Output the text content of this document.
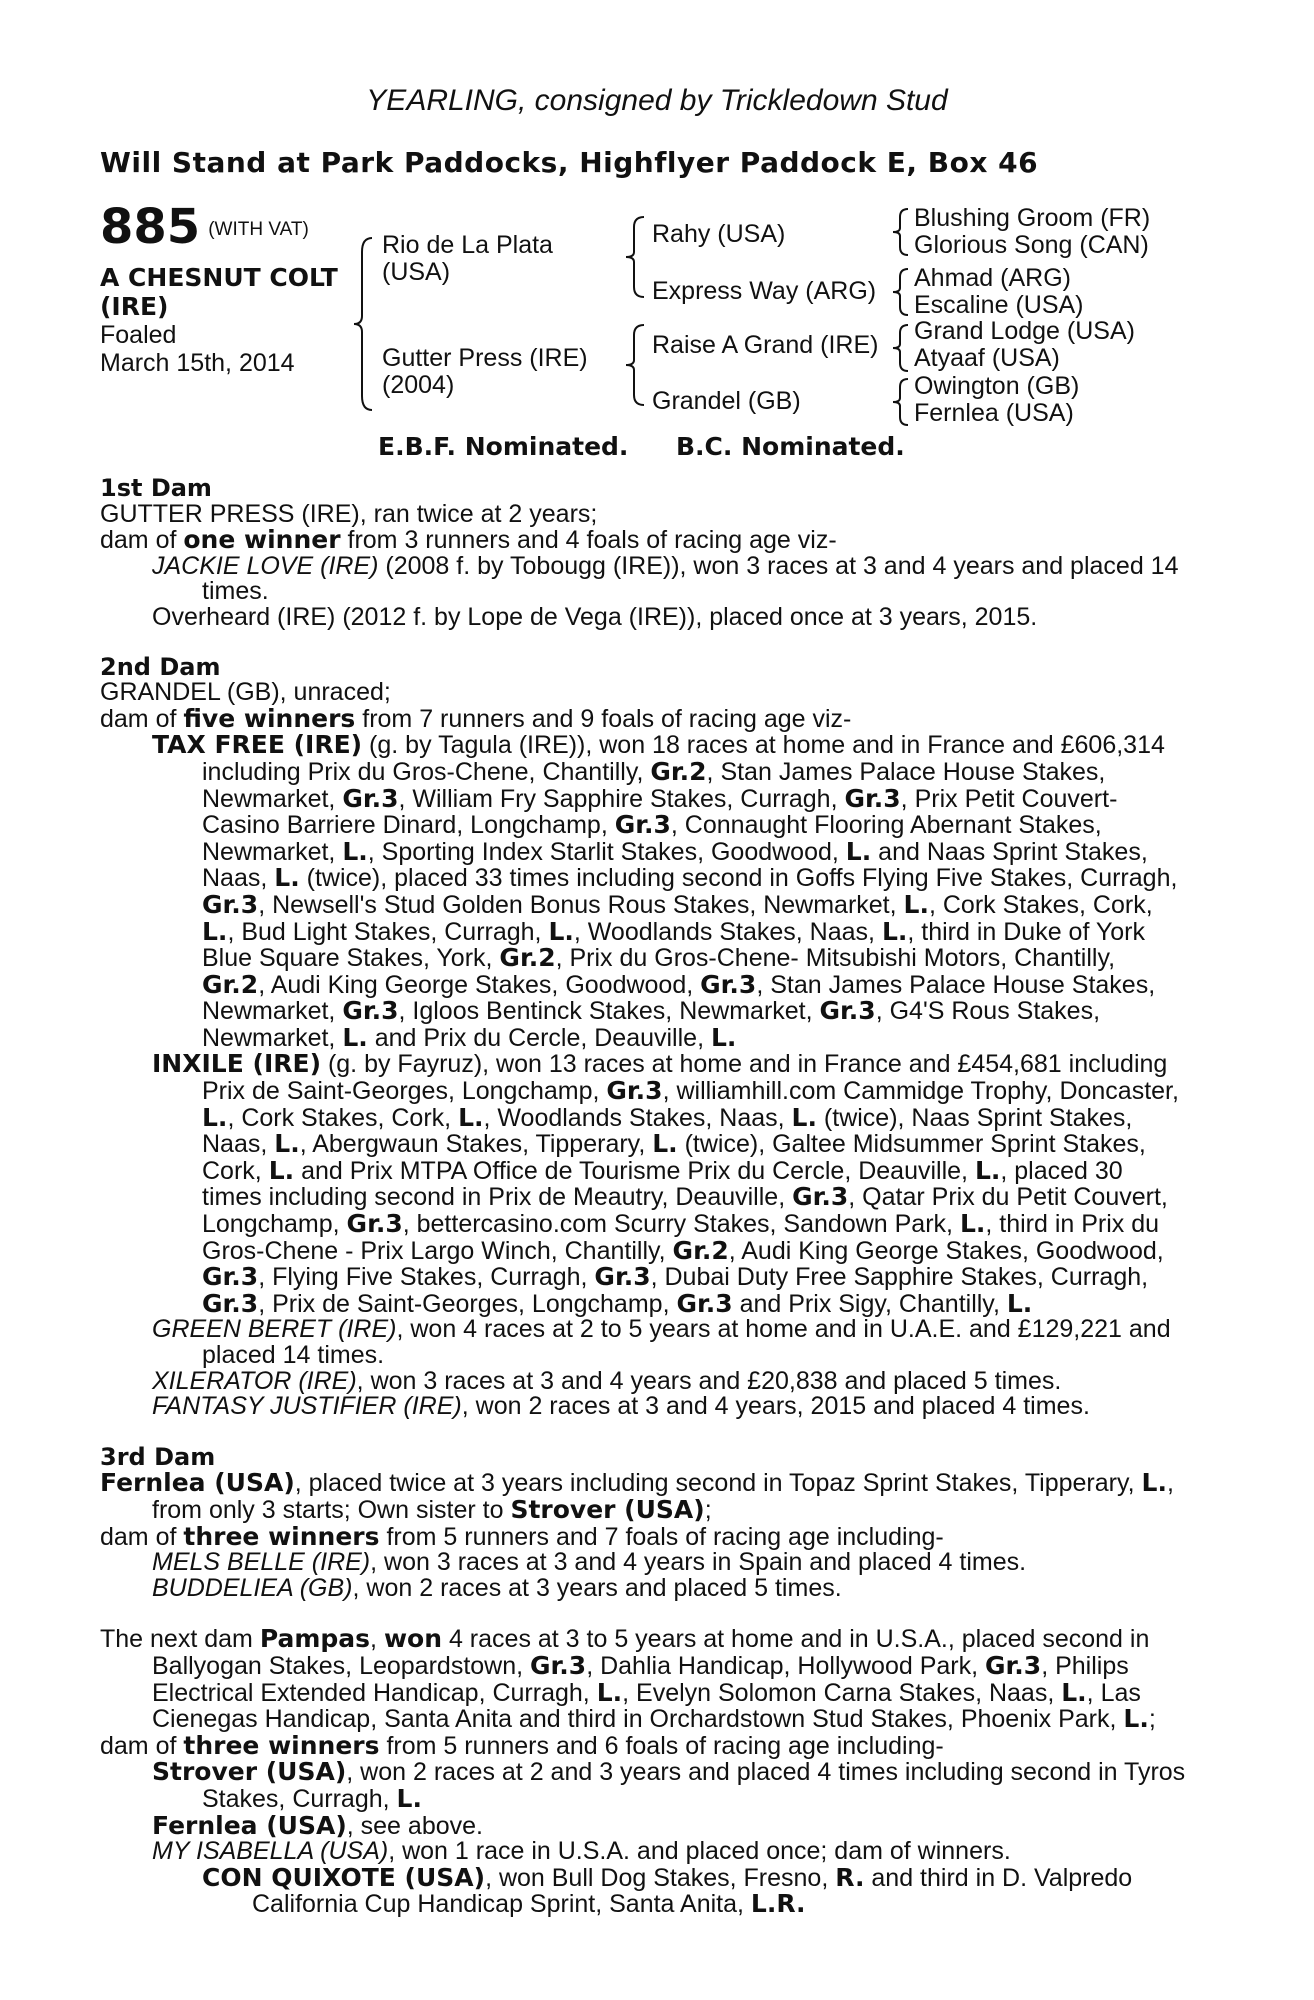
YEARLING, consigned by Trickledown Stud
Will Stand at Park Paddocks, Highflyer Paddock E, Box 46
885 (WITH VAT)
A CHESNUT COLT
(IRE)
Foaled
March 15th, 2014
Rio de La Plata
(USA)
Gutter Press (IRE)
(2004)
Rahy (USA)
Express Way (ARG)
Raise A Grand (IRE)
Grandel (GB)
Blushing Groom (FR)
Glorious Song (CAN)
Ahmad (ARG)
Escaline (USA)
Grand Lodge (USA)
Atyaaf (USA)
Owington (GB)
Fernlea (USA)
E.B.F. Nominated. B.C. Nominated.
1st Dam
GUTTER PRESS (IRE), ran twice at 2 years;
dam of one winner from 3 runners and 4 foals of racing age viz-
JACKIE LOVE (IRE) (2008 f. by Tobougg (IRE)), won 3 races at 3 and 4 years and placed 14
times.
Overheard (IRE) (2012 f. by Lope de Vega (IRE)), placed once at 3 years, 2015.
2nd Dam
GRANDEL (GB), unraced;
dam of five winners from 7 runners and 9 foals of racing age viz-
TAX FREE (IRE) (g. by Tagula (IRE)), won 18 races at home and in France and £606,314
including Prix du Gros-Chene, Chantilly, Gr.2, Stan James Palace House Stakes,
Newmarket, Gr.3, William Fry Sapphire Stakes, Curragh, Gr.3, Prix Petit Couvert-
Casino Barriere Dinard, Longchamp, Gr.3, Connaught Flooring Abernant Stakes,
Newmarket, L., Sporting Index Starlit Stakes, Goodwood, L. and Naas Sprint Stakes,
Naas, L. (twice), placed 33 times including second in Goffs Flying Five Stakes, Curragh,
Gr.3, Newsell's Stud Golden Bonus Rous Stakes, Newmarket, L., Cork Stakes, Cork,
L., Bud Light Stakes, Curragh, L., Woodlands Stakes, Naas, L., third in Duke of York
Blue Square Stakes, York, Gr.2, Prix du Gros-Chene- Mitsubishi Motors, Chantilly,
Gr.2, Audi King George Stakes, Goodwood, Gr.3, Stan James Palace House Stakes,
Newmarket, Gr.3, Igloos Bentinck Stakes, Newmarket, Gr.3, G4'S Rous Stakes,
Newmarket, L. and Prix du Cercle, Deauville, L.
INXILE (IRE) (g. by Fayruz), won 13 races at home and in France and £454,681 including
Prix de Saint-Georges, Longchamp, Gr.3, williamhill.com Cammidge Trophy, Doncaster,
L., Cork Stakes, Cork, L., Woodlands Stakes, Naas, L. (twice), Naas Sprint Stakes,
Naas, L., Abergwaun Stakes, Tipperary, L. (twice), Galtee Midsummer Sprint Stakes,
Cork, L. and Prix MTPA Office de Tourisme Prix du Cercle, Deauville, L., placed 30
times including second in Prix de Meautry, Deauville, Gr.3, Qatar Prix du Petit Couvert,
Longchamp, Gr.3, bettercasino.com Scurry Stakes, Sandown Park, L., third in Prix du
Gros-Chene - Prix Largo Winch, Chantilly, Gr.2, Audi King George Stakes, Goodwood,
Gr.3, Flying Five Stakes, Curragh, Gr.3, Dubai Duty Free Sapphire Stakes, Curragh,
Gr.3, Prix de Saint-Georges, Longchamp, Gr.3 and Prix Sigy, Chantilly, L.
GREEN BERET (IRE), won 4 races at 2 to 5 years at home and in U.A.E. and £129,221 and
placed 14 times.
XILERATOR (IRE), won 3 races at 3 and 4 years and £20,838 and placed 5 times.
FANTASY JUSTIFIER (IRE), won 2 races at 3 and 4 years, 2015 and placed 4 times.
3rd Dam
Fernlea (USA), placed twice at 3 years including second in Topaz Sprint Stakes, Tipperary, L.,
from only 3 starts; Own sister to Strover (USA);
dam of three winners from 5 runners and 7 foals of racing age including-
MELS BELLE (IRE), won 3 races at 3 and 4 years in Spain and placed 4 times.
BUDDELIEA (GB), won 2 races at 3 years and placed 5 times.
The next dam Pampas, won 4 races at 3 to 5 years at home and in U.S.A., placed second in
Ballyogan Stakes, Leopardstown, Gr.3, Dahlia Handicap, Hollywood Park, Gr.3, Philips
Electrical Extended Handicap, Curragh, L., Evelyn Solomon Carna Stakes, Naas, L., Las
Cienegas Handicap, Santa Anita and third in Orchardstown Stud Stakes, Phoenix Park, L.;
dam of three winners from 5 runners and 6 foals of racing age including-
Strover (USA), won 2 races at 2 and 3 years and placed 4 times including second in Tyros
Stakes, Curragh, L.
Fernlea (USA), see above.
MY ISABELLA (USA), won 1 race in U.S.A. and placed once; dam of winners.
CON QUIXOTE (USA), won Bull Dog Stakes, Fresno, R. and third in D. Valpredo
California Cup Handicap Sprint, Santa Anita, L.R.
